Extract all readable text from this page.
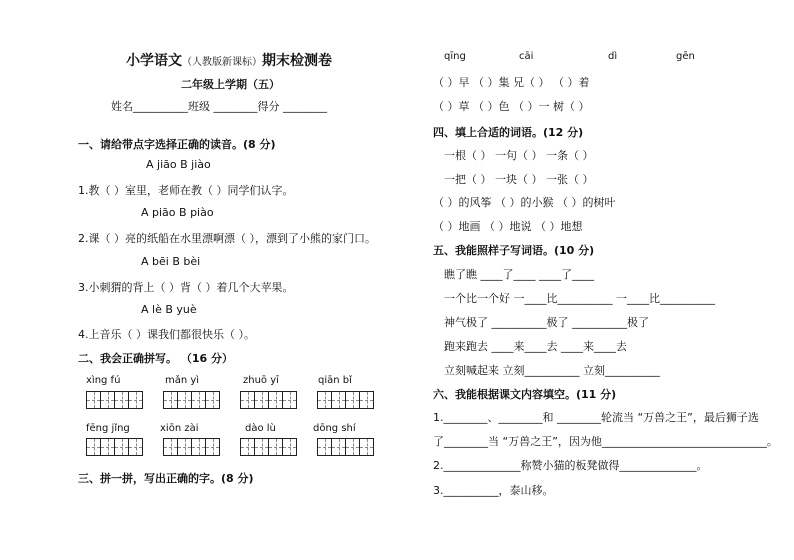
小学语文（人教版新课标）期末检测卷
二年级上学期（五）
姓名__________班级 ________得分 ________
一、请给带点字选择正确的读音。(8 分)
A jiāo B jiào
1.教（ ）室里，老师在教（ ）同学们认字。
A piāo B piào
2.课（ ）亮的纸船在水里漂啊漂（ ），漂到了小熊的家门口。
A bēi B bèi
3.小刺猬的背上（ ）背（ ）着几个大苹果。
A lè B yuè
4.上音乐（ ）课我们都很快乐（ ）。
二、我会正确拼写。 （16 分）
xìng fú	mǎn yì	zhuō yī	qiān bǐ
fēng jǐng	xiōn zài	dào lù	dōng shí
三、拼一拼，写出正确的字。(8 分)
qīng	cāi	dì	gēn
（ ）早 （ ）集 兄（ ） （ ）着
（ ）草 （ ）色 （ ）一 树（ ）
四、填上合适的词语。(12 分)
一根（ ） 一句（ ） 一条（ ）
一把（ ） 一块（ ） 一张（ ）
（ ）的风筝 （ ）的小猴 （ ）的树叶
（ ）地画 （ ）地说 （ ）地想
五、我能照样子写词语。(10 分)
瞧了瞧 ____了____ ____了____
一个比一个好 一____比__________ 一____比__________
神气极了 __________极了 __________极了
跑来跑去 ____来____去 ____来____去
立刻喊起来 立刻__________ 立刻__________
六、我能根据课文内容填空。(11 分)
1.________、________和 ________轮流当 “万兽之王”，最后狮子选
了________当 “万兽之王”，因为他______________________________。
2.______________称赞小猫的板凳做得______________。
3.__________，泰山移。
